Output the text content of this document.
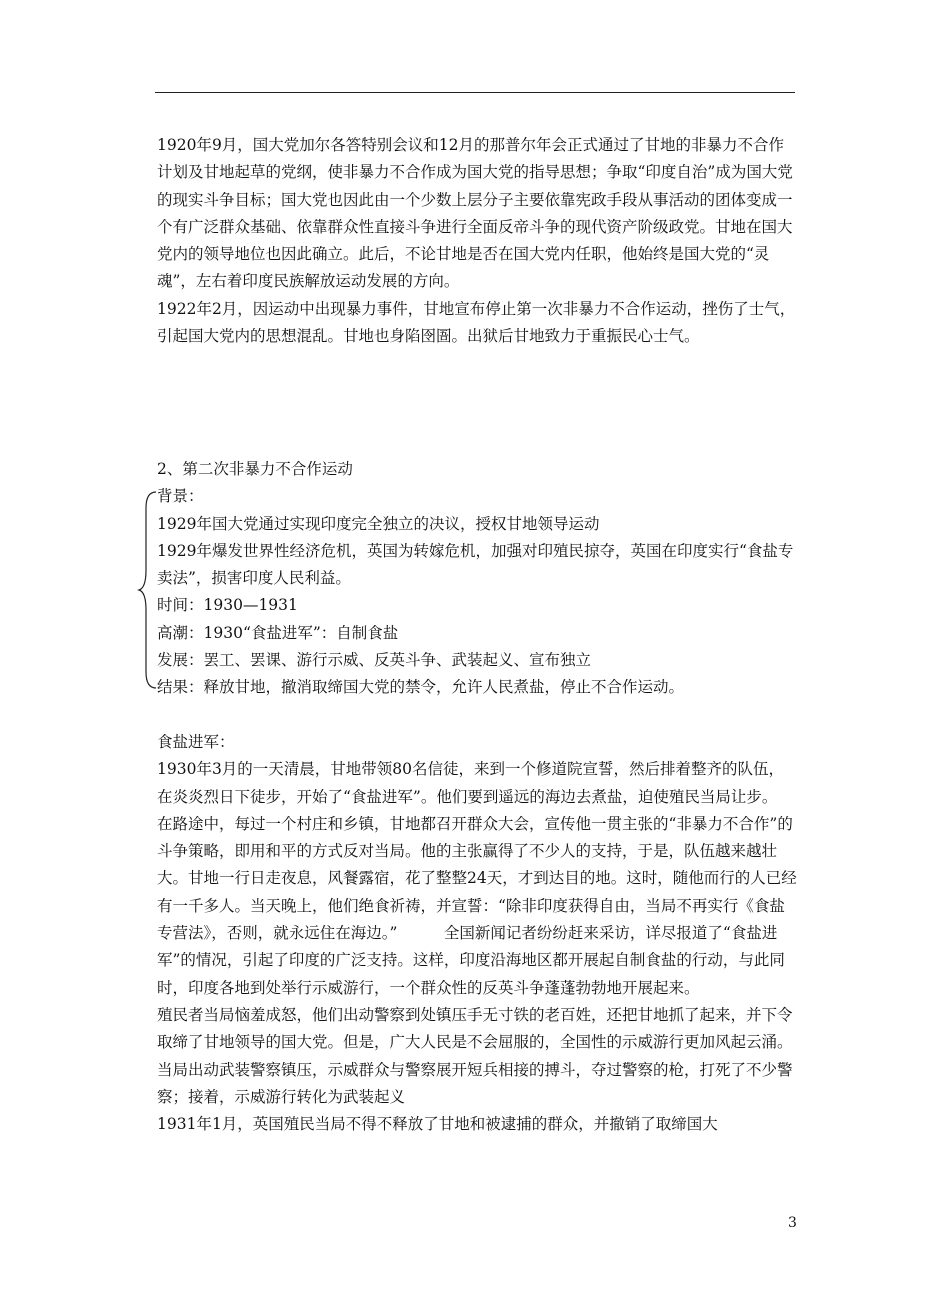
1920年9月，国大党加尔各答特别会议和12月的那普尔年会正式通过了甘地的非暴力不合作计划及甘地起草的党纲，使非暴力不合作成为国大党的指导思想；争取“印度自治”成为国大党的现实斗争目标；国大党也因此由一个少数上层分子主要依靠宪政手段从事活动的团体变成一个有广泛群众基础、依靠群众性直接斗争进行全面反帝斗争的现代资产阶级政党。甘地在国大党内的领导地位也因此确立。此后，不论甘地是否在国大党内任职，他始终是国大党的“灵魂”，左右着印度民族解放运动发展的方向。

1922年2月，因运动中出现暴力事件，甘地宣布停止第一次非暴力不合作运动，挫伤了士气，引起国大党内的思想混乱。甘地也身陷囹圄。出狱后甘地致力于重振民心士气。

2、第二次非暴力不合作运动

背景：

1929年国大党通过实现印度完全独立的决议，授权甘地领导运动

1929年爆发世界性经济危机，英国为转嫁危机，加强对印殖民掠夺，英国在印度实行“食盐专卖法”，损害印度人民利益。

时间：1930—1931

高潮：1930“食盐进军”：自制食盐

发展：罢工、罢课、游行示威、反英斗争、武装起义、宣布独立

结果：释放甘地，撤消取缔国大党的禁令，允许人民煮盐，停止不合作运动。

食盐进军：

1930年3月的一天清晨，甘地带领80名信徒，来到一个修道院宣誓，然后排着整齐的队伍，在炎炎烈日下徒步，开始了“食盐进军”。他们要到遥远的海边去煮盐，迫使殖民当局让步。

在路途中，每过一个村庄和乡镇，甘地都召开群众大会，宣传他一贯主张的“非暴力不合作”的斗争策略，即用和平的方式反对当局。他的主张赢得了不少人的支持，于是，队伍越来越壮大。甘地一行日走夜息，风餐露宿，花了整整24天，才到达目的地。这时，随他而行的人已经有一千多人。当天晚上，他们绝食祈祷，并宣誓：“除非印度获得自由，当局不再实行《食盐专营法》，否则，就永远住在海边。”　　　全国新闻记者纷纷赶来采访，详尽报道了“食盐进军”的情况，引起了印度的广泛支持。这样，印度沿海地区都开展起自制食盐的行动，与此同时，印度各地到处举行示威游行，一个群众性的反英斗争蓬蓬勃勃地开展起来。

殖民者当局恼羞成怒，他们出动警察到处镇压手无寸铁的老百姓，还把甘地抓了起来，并下令取缔了甘地领导的国大党。但是，广大人民是不会屈服的，全国性的示威游行更加风起云涌。当局出动武装警察镇压，示威群众与警察展开短兵相接的搏斗，夺过警察的枪，打死了不少警察；接着，示威游行转化为武装起义

1931年1月，英国殖民当局不得不释放了甘地和被逮捕的群众，并撤销了取缔国大

3
